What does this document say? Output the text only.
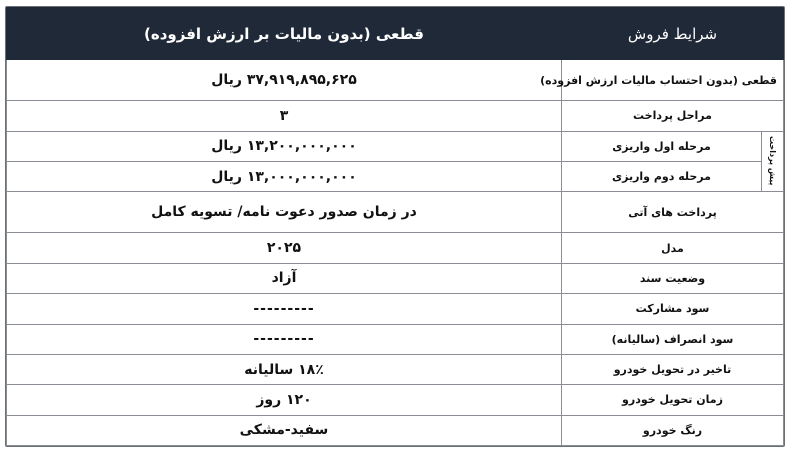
شرایط فروش		قطعی (بدون مالیات بر ارزش افزوده)
قطعی (بدون احتساب مالیات ارزش افزوده)		۳۷,۹۱۹,۸۹۵,۶۲۵ ریال
مراحل پرداخت		۳
پیش پرداخت	مرحله اول واریزی	۱۳,۲۰۰,۰۰۰,۰۰۰ ریال
	مرحله دوم واریزی	۱۳,۰۰۰,۰۰۰,۰۰۰ ریال
پرداخت های آتی		در زمان صدور دعوت نامه/ تسویه کامل
مدل		۲۰۲۵
وضعیت سند		آزاد
سود مشارکت		---------
سود انصراف (سالیانه)		---------
تاخیر در تحویل خودرو		۱۸٪ سالیانه
زمان تحویل خودرو		۱۲۰ روز
رنگ خودرو		سفید-مشکی
